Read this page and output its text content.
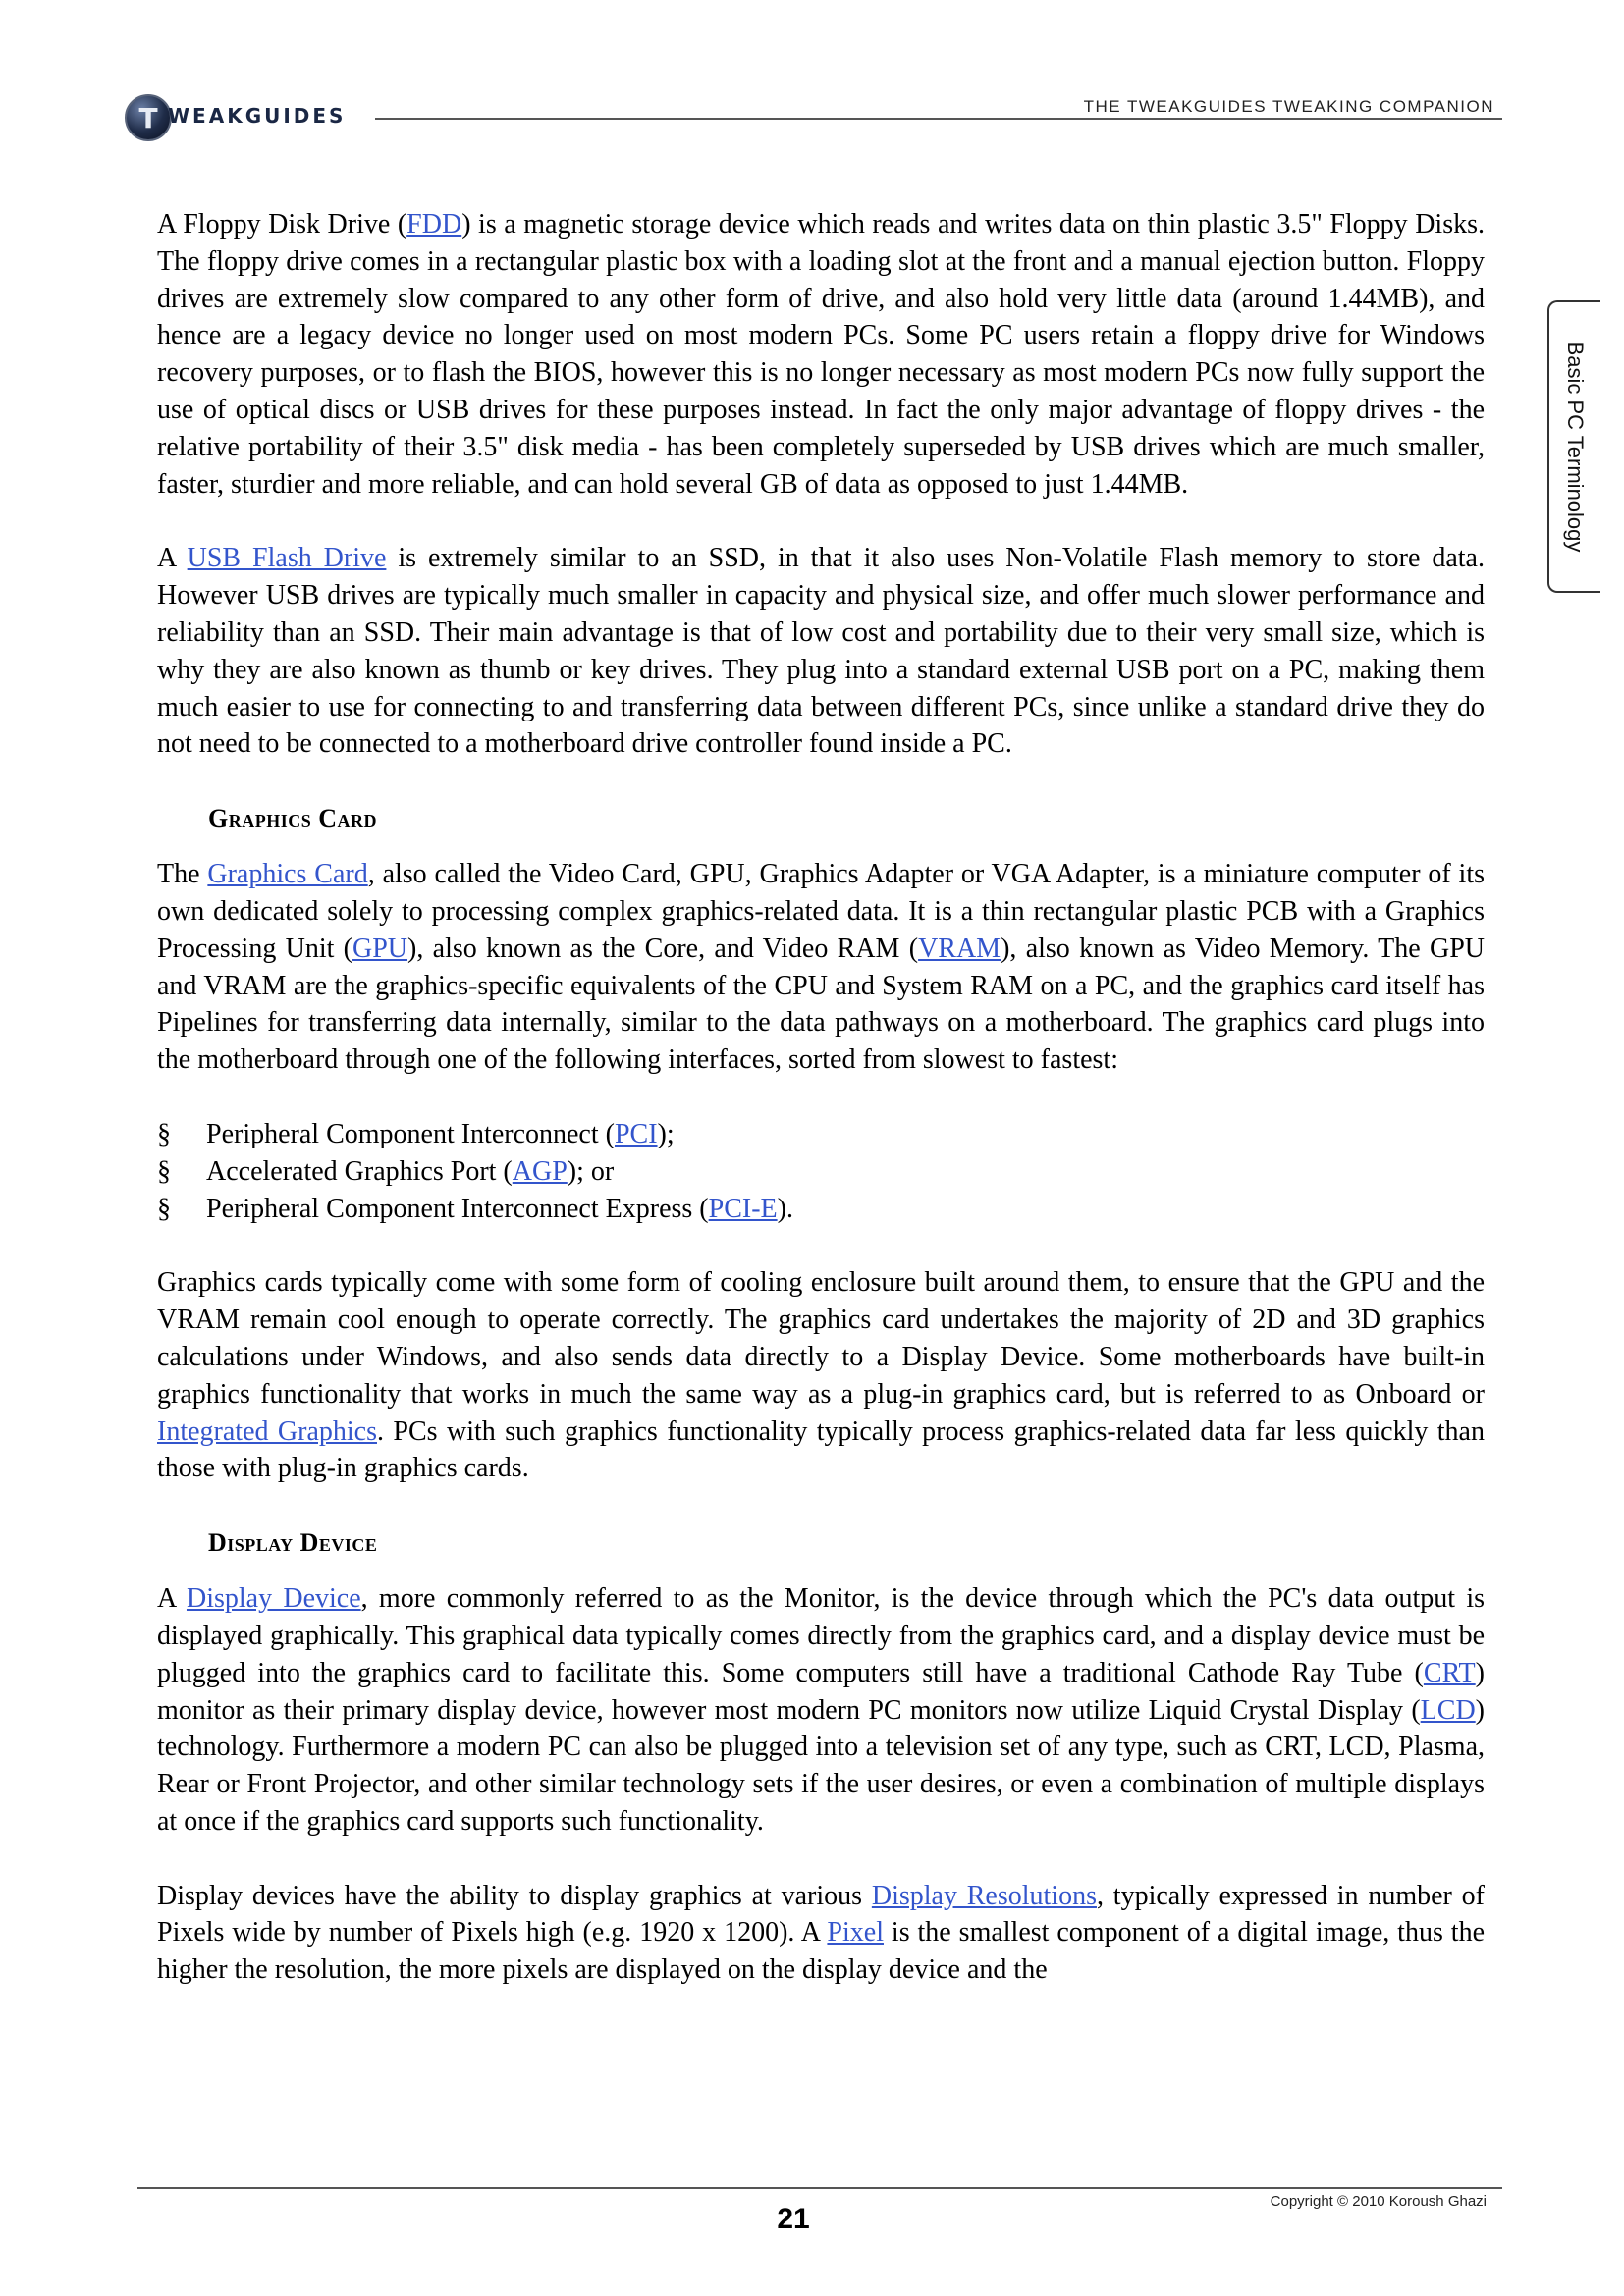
T WEAKGUIDES	THE TWEAKGUIDES TWEAKING COMPANION
Basic PC Terminology

A Floppy Disk Drive (FDD) is a magnetic storage device which reads and writes data on thin plastic 3.5" Floppy Disks. The floppy drive comes in a rectangular plastic box with a loading slot at the front and a manual ejection button. Floppy drives are extremely slow compared to any other form of drive, and also hold very little data (around 1.44MB), and hence are a legacy device no longer used on most modern PCs. Some PC users retain a floppy drive for Windows recovery purposes, or to flash the BIOS, however this is no longer necessary as most modern PCs now fully support the use of optical discs or USB drives for these purposes instead. In fact the only major advantage of floppy drives - the relative portability of their 3.5" disk media - has been completely superseded by USB drives which are much smaller, faster, sturdier and more reliable, and can hold several GB of data as opposed to just 1.44MB.

A USB Flash Drive is extremely similar to an SSD, in that it also uses Non-Volatile Flash memory to store data. However USB drives are typically much smaller in capacity and physical size, and offer much slower performance and reliability than an SSD. Their main advantage is that of low cost and portability due to their very small size, which is why they are also known as thumb or key drives. They plug into a standard external USB port on a PC, making them much easier to use for connecting to and transferring data between different PCs, since unlike a standard drive they do not need to be connected to a motherboard drive controller found inside a PC.

Graphics Card

The Graphics Card, also called the Video Card, GPU, Graphics Adapter or VGA Adapter, is a miniature computer of its own dedicated solely to processing complex graphics-related data. It is a thin rectangular plastic PCB with a Graphics Processing Unit (GPU), also known as the Core, and Video RAM (VRAM), also known as Video Memory. The GPU and VRAM are the graphics-specific equivalents of the CPU and System RAM on a PC, and the graphics card itself has Pipelines for transferring data internally, similar to the data pathways on a motherboard. The graphics card plugs into the motherboard through one of the following interfaces, sorted from slowest to fastest:

§ Peripheral Component Interconnect (PCI);
§ Accelerated Graphics Port (AGP); or
§ Peripheral Component Interconnect Express (PCI-E).

Graphics cards typically come with some form of cooling enclosure built around them, to ensure that the GPU and the VRAM remain cool enough to operate correctly. The graphics card undertakes the majority of 2D and 3D graphics calculations under Windows, and also sends data directly to a Display Device. Some motherboards have built-in graphics functionality that works in much the same way as a plug-in graphics card, but is referred to as Onboard or Integrated Graphics. PCs with such graphics functionality typically process graphics-related data far less quickly than those with plug-in graphics cards.

Display Device

A Display Device, more commonly referred to as the Monitor, is the device through which the PC's data output is displayed graphically. This graphical data typically comes directly from the graphics card, and a display device must be plugged into the graphics card to facilitate this. Some computers still have a traditional Cathode Ray Tube (CRT) monitor as their primary display device, however most modern PC monitors now utilize Liquid Crystal Display (LCD) technology. Furthermore a modern PC can also be plugged into a television set of any type, such as CRT, LCD, Plasma, Rear or Front Projector, and other similar technology sets if the user desires, or even a combination of multiple displays at once if the graphics card supports such functionality.

Display devices have the ability to display graphics at various Display Resolutions, typically expressed in number of Pixels wide by number of Pixels high (e.g. 1920 x 1200). A Pixel is the smallest component of a digital image, thus the higher the resolution, the more pixels are displayed on the display device and the

Copyright © 2010 Koroush Ghazi
21
